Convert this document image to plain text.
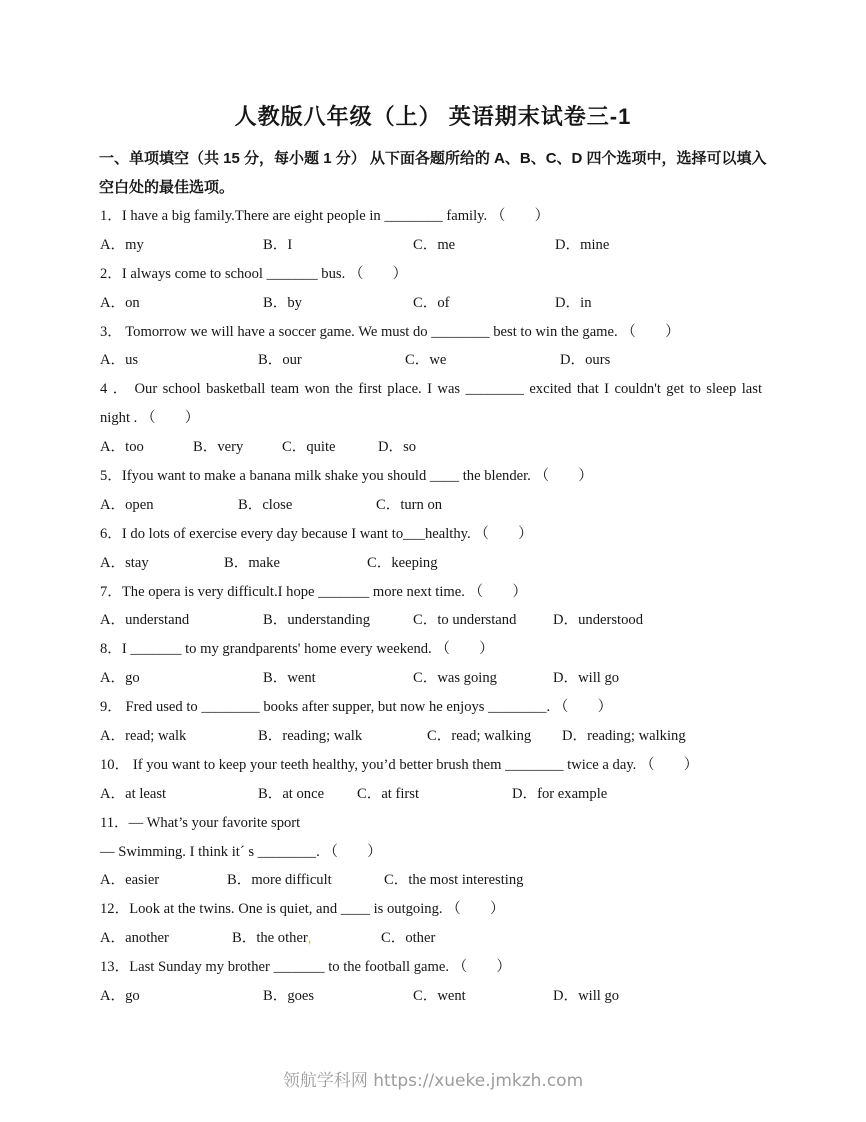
人教版八年级（上） 英语期末试卷三-1
一、单项填空（共 15 分，每小题 1 分） 从下面各题所给的 A、B、C、D 四个选项中，选择可以填入
空白处的最佳选项。
1．I have a big family.There are eight people in ________ family. （　　）
A．my	B．I	C．me	D．mine
2．I always come to school _______ bus. （　　）
A．on	B．by	C．of	D．in
3． Tomorrow we will have a soccer game. We must do ________ best to win the game. （　　）
A．us	B．our	C．we	D．ours
4 ． Our school basketball team won the first place. I was ________ excited that I couldn't get to sleep last
night . （　　）
A．too	B．very	C．quite	D．so
5．Ifyou want to make a banana milk shake you should ____ the blender. （　　）
A．open	B．close	C．turn on
6．I do lots of exercise every day because I want to___healthy. （　　）
A．stay	B．make	C．keeping
7．The opera is very difficult.I hope _______ more next time. （　　）
A．understand	B．understanding	C．to understand	D．understood
8．I _______ to my grandparents' home every weekend. （　　）
A．go	B．went	C．was going	D．will go
9． Fred used to ________ books after supper, but now he enjoys ________. （　　）
A．read; walk	B．reading; walk	C．read; walking D．reading; walking
10． If you want to keep your teeth healthy, you’d better brush them ________ twice a day. （　　）
A．at least	B．at once C．at first	D．for example
11．— What’s your favorite sport
— Swimming. I think it´ s ________. （　　）
A．easier	B．more difficult	C．the most interesting
12．Look at the twins. One is quiet, and ____ is outgoing. （　　）
A．another	B．the other，	C．other
13．Last Sunday my brother _______ to the football game. （　　）
A．go	B．goes	C．went	D．will go
领航学科网 https://xueke.jmkzh.com
